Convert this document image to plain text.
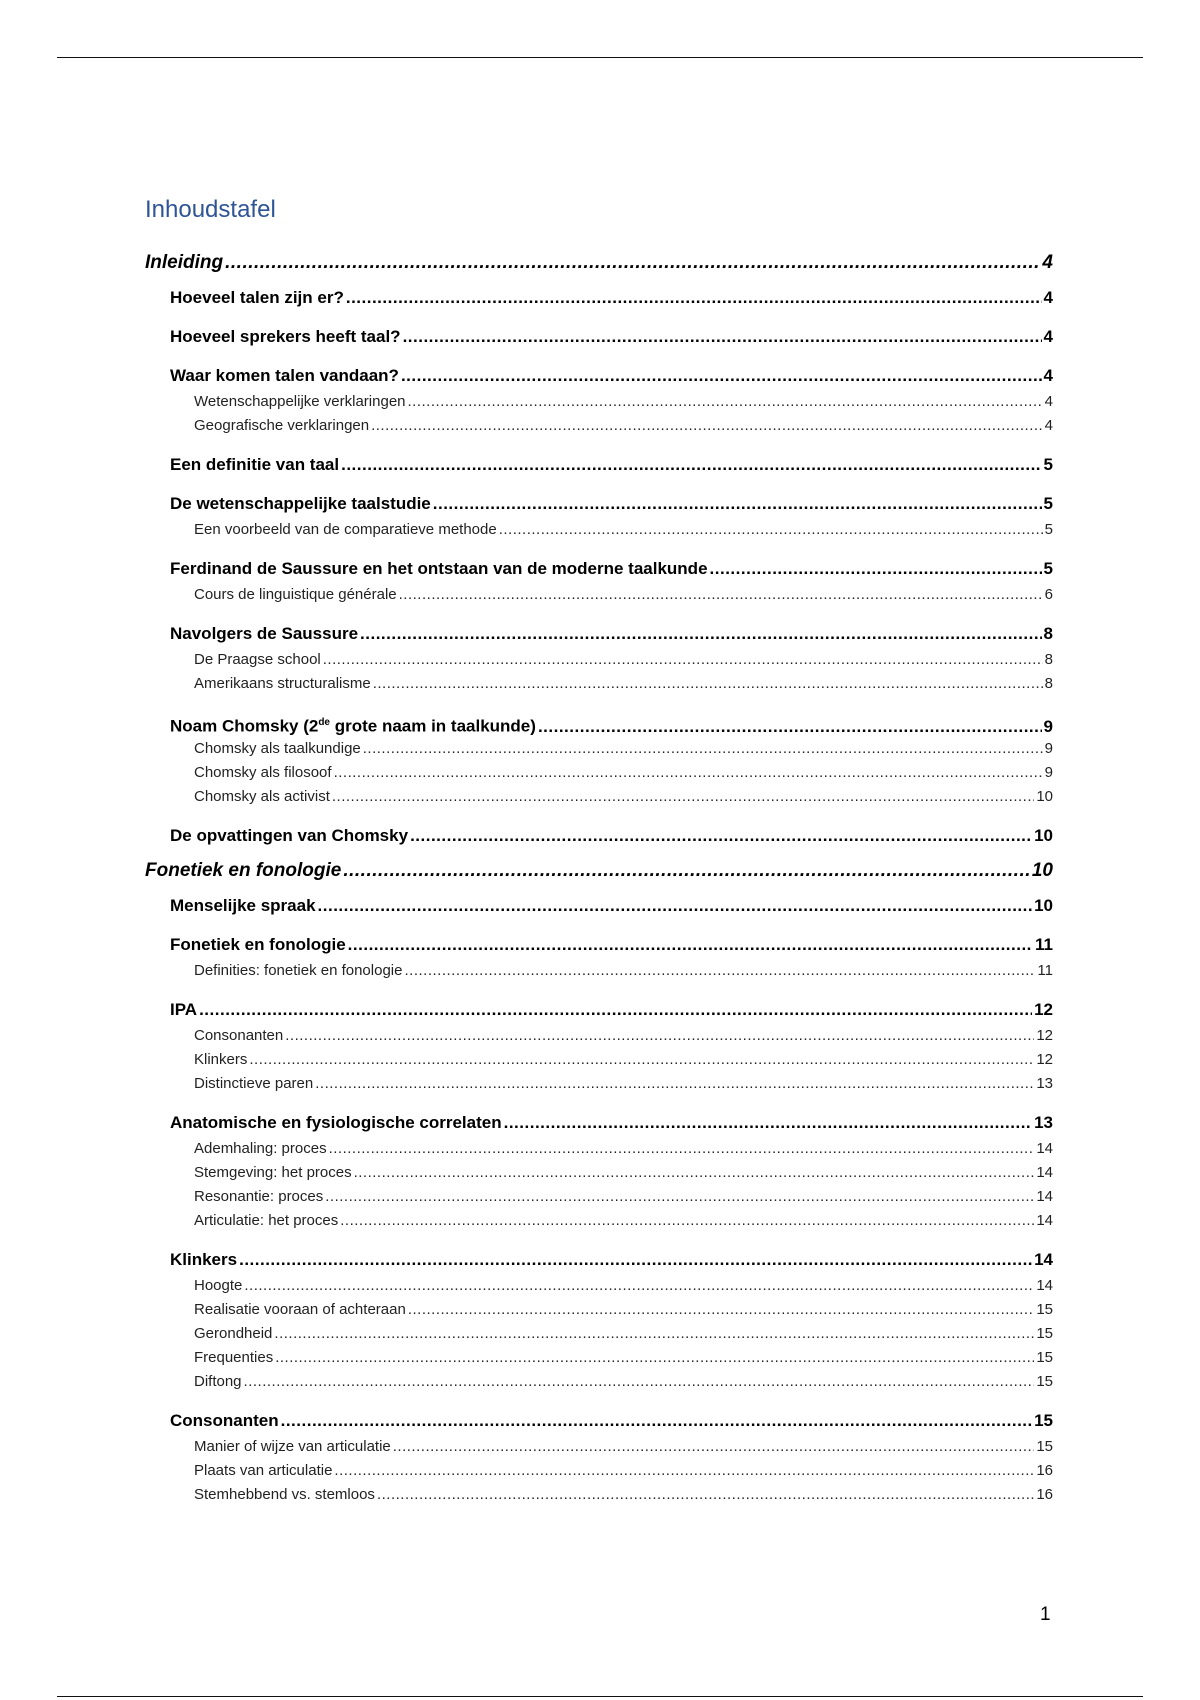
Inhoudstafel
Inleiding .....	4
Hoeveel talen zijn er? .....	4
Hoeveel sprekers heeft taal? .....	4
Waar komen talen vandaan? .....	4
Wetenschappelijke verklaringen .....	4
Geografische verklaringen .....	4
Een definitie van taal .....	5
De wetenschappelijke taalstudie .....	5
Een voorbeeld van de comparatieve methode .....	5
Ferdinand de Saussure en het ontstaan van de moderne taalkunde .....	5
Cours de linguistique générale .....	6
Navolgers de Saussure .....	8
De Praagse school .....	8
Amerikaans structuralisme .....	8
Noam Chomsky (2de grote naam in taalkunde) .....	9
Chomsky als taalkundige .....	9
Chomsky als filosoof .....	9
Chomsky als activist .....	10
De opvattingen van Chomsky .....	10
Fonetiek en fonologie .....	10
Menselijke spraak .....	10
Fonetiek en fonologie .....	11
Definities: fonetiek en fonologie .....	11
IPA .....	12
Consonanten .....	12
Klinkers .....	12
Distinctieve paren .....	13
Anatomische en fysiologische correlaten .....	13
Ademhaling: proces .....	14
Stemgeving: het proces .....	14
Resonantie: proces .....	14
Articulatie: het proces .....	14
Klinkers .....	14
Hoogte .....	14
Realisatie vooraan of achteraan .....	15
Gerondheid .....	15
Frequenties .....	15
Diftong .....	15
Consonanten .....	15
Manier of wijze van articulatie .....	15
Plaats van articulatie .....	16
Stemhebbend vs. stemloos .....	16
1
